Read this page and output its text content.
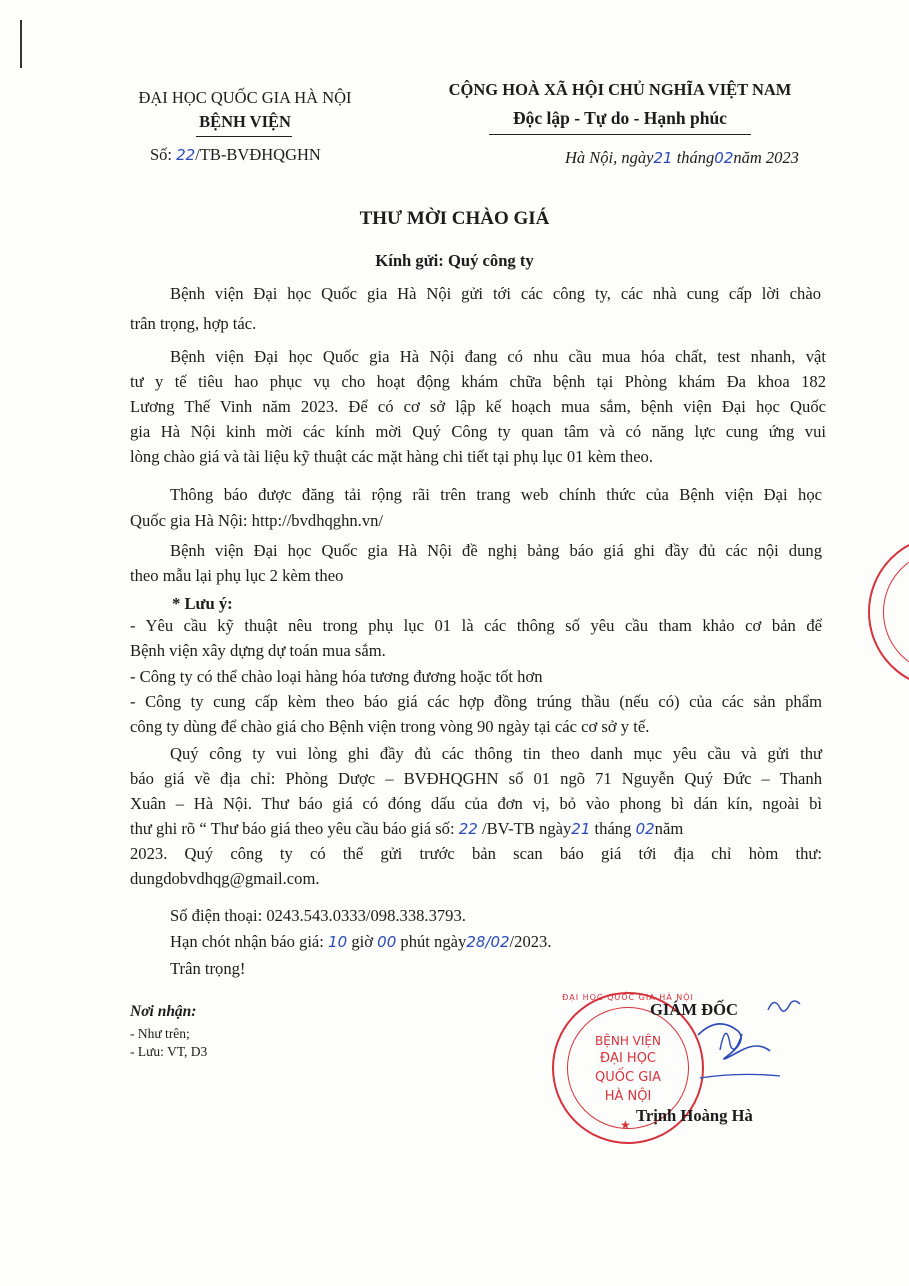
ĐẠI HỌC QUỐC GIA HÀ NỘI
BỆNH VIỆN
Số: 22/TB-BVĐHQGHN
CỘNG HOÀ XÃ HỘI CHỦ NGHĨA VIỆT NAM
Độc lập - Tự do - Hạnh phúc
Hà Nội, ngày21 tháng02năm 2023
THƯ MỜI CHÀO GIÁ
Kính gửi: Quý công ty
Bệnh viện Đại học Quốc gia Hà Nội gửi tới các công ty, các nhà cung cấp lời chào
trân trọng, hợp tác.
Bệnh viện Đại học Quốc gia Hà Nội đang có nhu cầu mua hóa chất, test nhanh, vật
tư y tế tiêu hao phục vụ cho hoạt động khám chữa bệnh tại Phòng khám Đa khoa 182
Lương Thế Vinh năm 2023. Để có cơ sở lập kế hoạch mua sắm, bệnh viện Đại học Quốc
gia Hà Nội kinh mời các kính mời Quý Công ty quan tâm và có năng lực cung ứng vui
lòng chào giá và tài liệu kỹ thuật các mặt hàng chi tiết tại phụ lục 01 kèm theo.
Thông báo được đăng tải rộng rãi trên trang web chính thức của Bệnh viện Đại học
Quốc gia Hà Nội: http://bvdhqghn.vn/
Bệnh viện Đại học Quốc gia Hà Nội đề nghị bảng báo giá ghi đầy đủ các nội dung
theo mẫu lại phụ lục 2 kèm theo
* Lưu ý:
- Yêu cầu kỹ thuật nêu trong phụ lục 01 là các thông số yêu cầu tham khảo cơ bản để
Bệnh viện xây dựng dự toán mua sắm.
- Công ty có thể chào loại hàng hóa tương đương hoặc tốt hơn
- Công ty cung cấp kèm theo báo giá các hợp đồng trúng thầu (nếu có) của các sản phẩm
công ty dùng để chào giá cho Bệnh viện trong vòng 90 ngày tại các cơ sở y tế.
Quý công ty vui lòng ghi đầy đủ các thông tin theo danh mục yêu cầu và gửi thư
báo giá về địa chỉ: Phòng Dược – BVĐHQGHN số 01 ngõ 71 Nguyễn Quý Đức – Thanh
Xuân – Hà Nội. Thư báo giá có đóng dấu của đơn vị, bỏ vào phong bì dán kín, ngoài bì
thư ghi rõ “ Thư báo giá theo yêu cầu báo giá số: 22 /BV-TB ngày21 tháng 02năm
2023. Quý công ty có thể gửi trước bản scan báo giá tới địa chỉ hòm thư:
dungdobvdhqg@gmail.com.
Số điện thoại: 0243.543.0333/098.338.3793.
Hạn chót nhận báo giá: 10 giờ 00 phút ngày28/02/2023.
Trân trọng!
Nơi nhận:
- Như trên;
- Lưu: VT, D3
★
ĐẠI HỌC QUỐC GIA HÀ NỘI
BỆNH VIỆN
ĐẠI HỌC
QUỐC GIA
HÀ NỘI
GIÁM ĐỐC
Trịnh Hoàng Hà
